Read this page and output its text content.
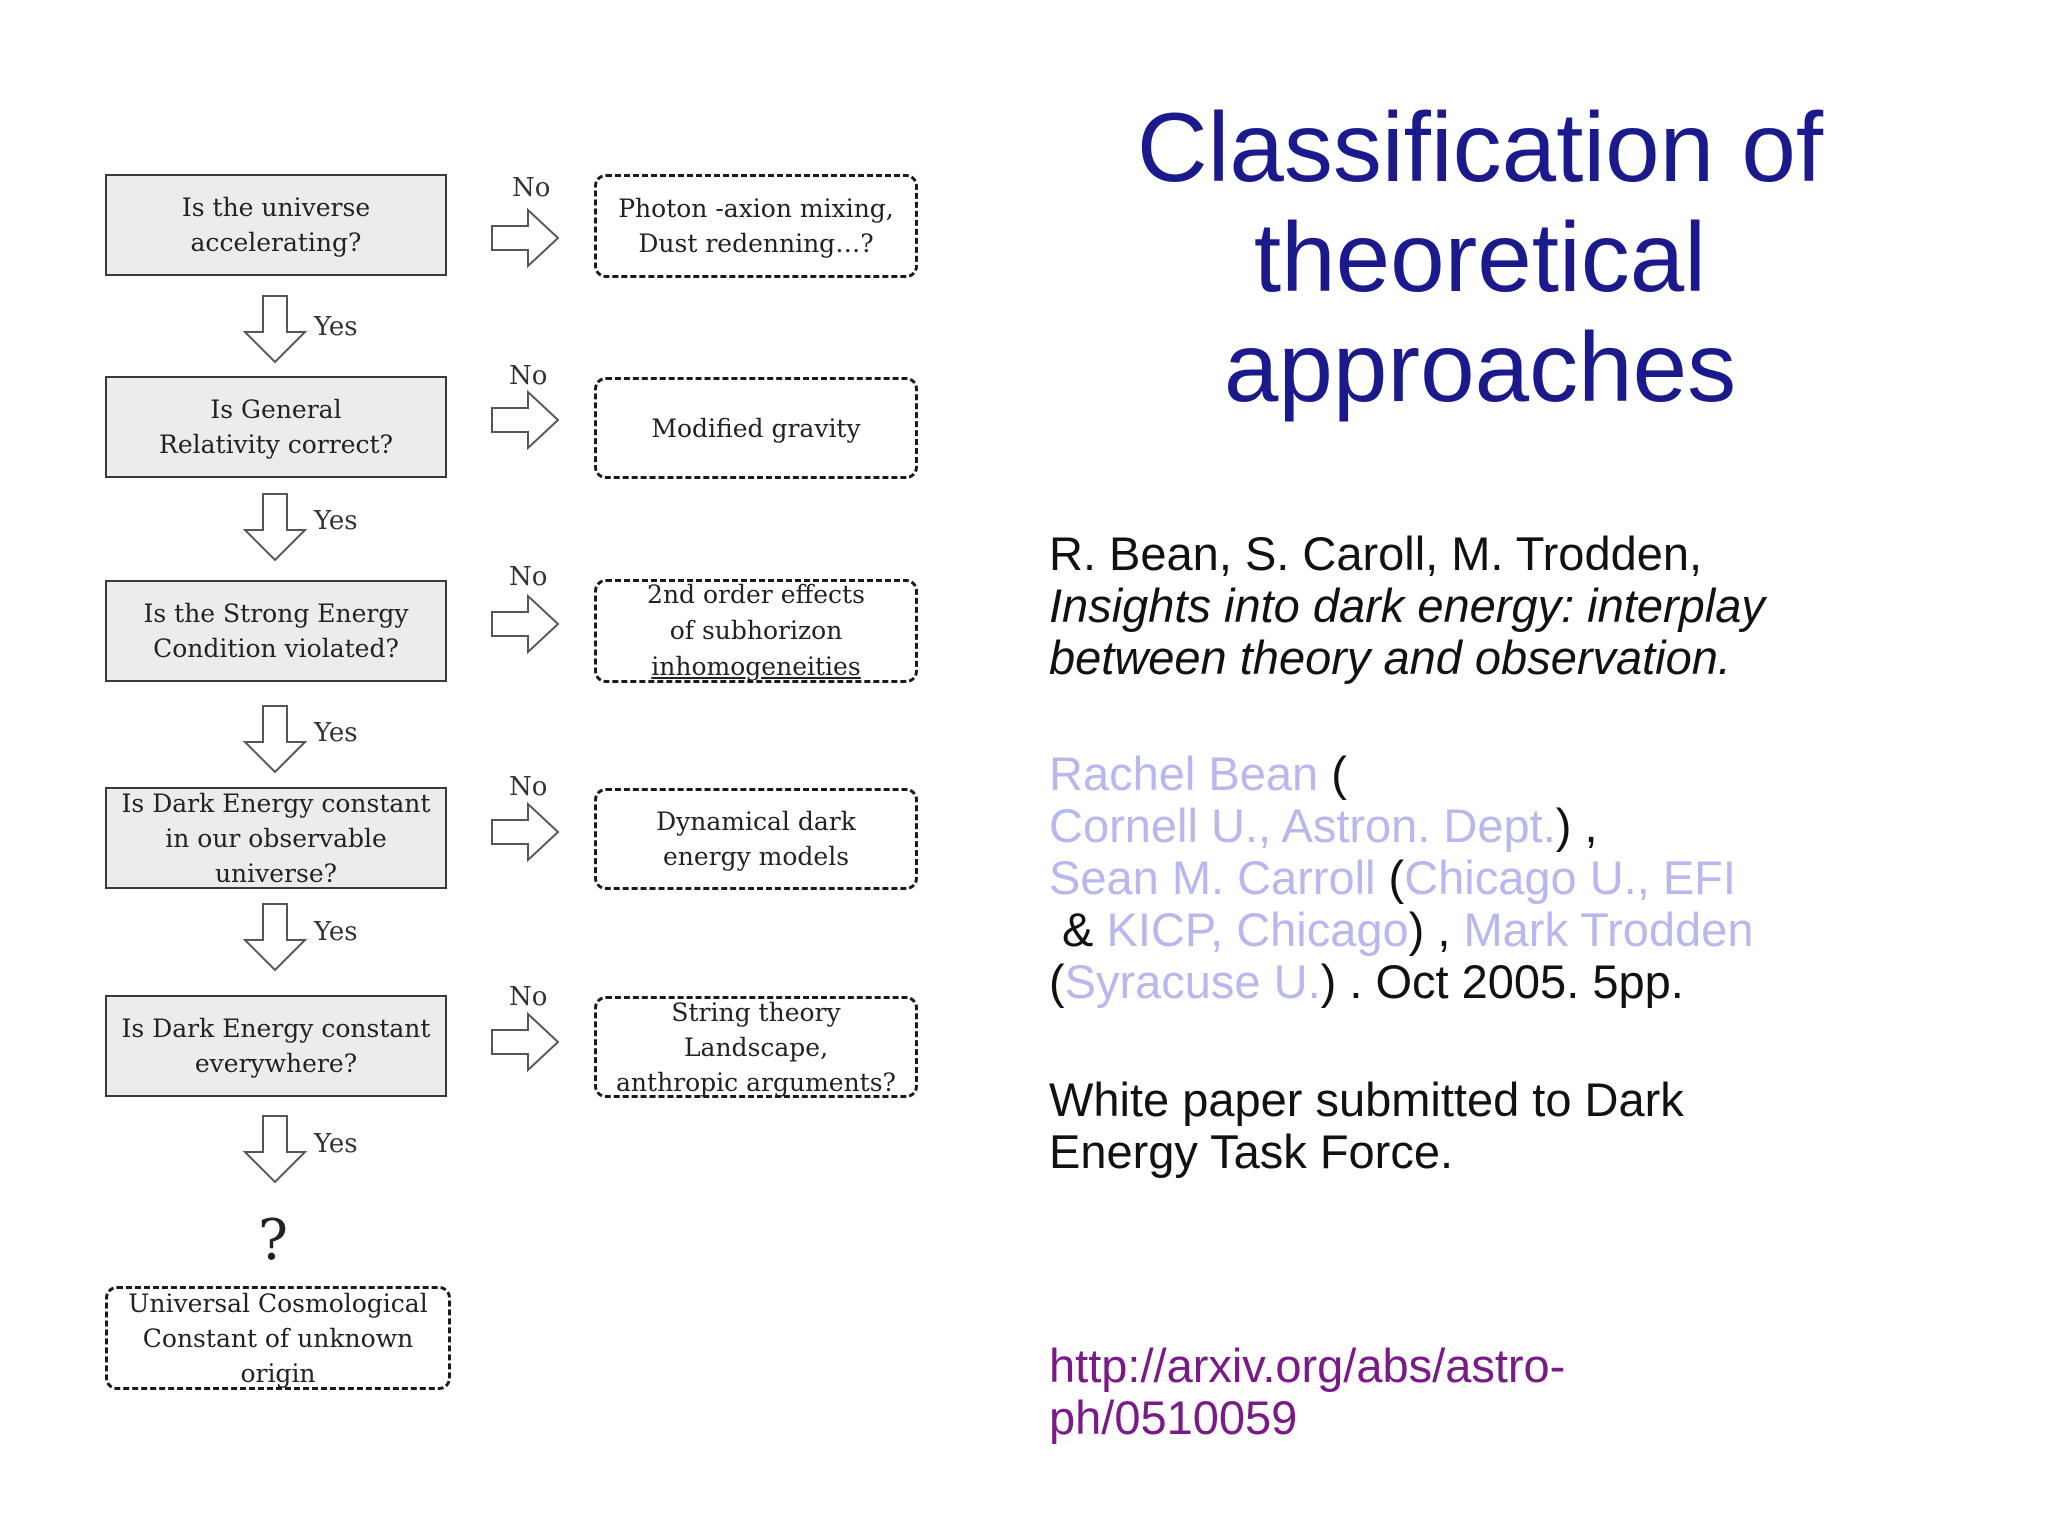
Is the universe
accelerating?
Is General
Relativity correct?
Is the Strong Energy
Condition violated?
Is Dark Energy constant
in our observable universe?
Is Dark Energy constant
everywhere?
Photon -axion mixing,
Dust redenning…?
Modified gravity
2nd order effects
of subhorizon
inhomogeneities
Dynamical dark
energy models
String theory Landscape,
anthropic arguments?
No
No
No
No
No
Yes
Yes
Yes
Yes
Yes
?
Universal Cosmological
Constant of unknown origin
Classification of
theoretical
approaches
R. Bean, S. Caroll, M. Trodden,
Insights into dark energy: interplay
between theory and observation.
Rachel Bean (
Cornell U., Astron. Dept.) ,
Sean M. Carroll (Chicago U., EFI
& KICP, Chicago) , Mark Trodden
(Syracuse U.) . Oct 2005. 5pp.
White paper submitted to Dark
Energy Task Force.
http://arxiv.org/abs/astro-
ph/0510059
